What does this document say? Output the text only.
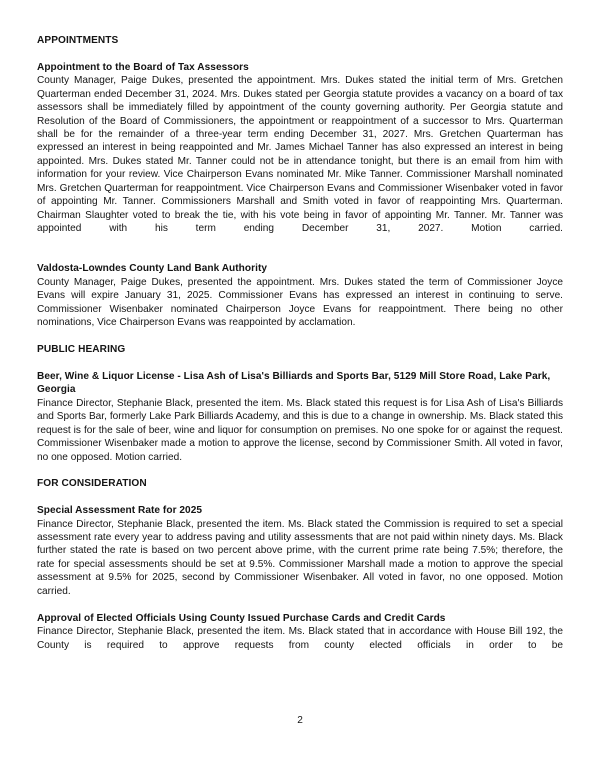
APPOINTMENTS
Appointment to the Board of Tax Assessors

County Manager, Paige Dukes, presented the appointment. Mrs. Dukes stated the initial term of Mrs. Gretchen Quarterman ended December 31, 2024. Mrs. Dukes stated per Georgia statute provides a vacancy on a board of tax assessors shall be immediately filled by appointment of the county governing authority. Per Georgia statute and Resolution of the Board of Commissioners, the appointment or reappointment of a successor to Mrs. Quarterman shall be for the remainder of a three-year term ending December 31, 2027. Mrs. Gretchen Quarterman has expressed an interest in being reappointed and Mr. James Michael Tanner has also expressed an interest in being appointed. Mrs. Dukes stated Mr. Tanner could not be in attendance tonight, but there is an email from him with information for your review. Vice Chairperson Evans nominated Mr. Mike Tanner. Commissioner Marshall nominated Mrs. Gretchen Quarterman for reappointment. Vice Chairperson Evans and Commissioner Wisenbaker voted in favor of appointing Mr. Tanner. Commissioners Marshall and Smith voted in favor of reappointing Mrs. Quarterman. Chairman Slaughter voted to break the tie, with his vote being in favor of appointing Mr. Tanner. Mr. Tanner was appointed with his term ending December 31, 2027. Motion carried.

Valdosta-Lowndes County Land Bank Authority

County Manager, Paige Dukes, presented the appointment. Mrs. Dukes stated the term of Commissioner Joyce Evans will expire January 31, 2025. Commissioner Evans has expressed an interest in continuing to serve. Commissioner Wisenbaker nominated Chairperson Joyce Evans for reappointment. There being no other nominations, Vice Chairperson Evans was reappointed by acclamation.

PUBLIC HEARING
Beer, Wine & Liquor License - Lisa Ash of Lisa's Billiards and Sports Bar, 5129 Mill Store Road, Lake Park, Georgia

Finance Director, Stephanie Black, presented the item. Ms. Black stated this request is for Lisa Ash of Lisa's Billiards and Sports Bar, formerly Lake Park Billiards Academy, and this is due to a change in ownership. Ms. Black stated this request is for the sale of beer, wine and liquor for consumption on premises. No one spoke for or against the request. Commissioner Wisenbaker made a motion to approve the license, second by Commissioner Smith. All voted in favor, no one opposed. Motion carried.

FOR CONSIDERATION
Special Assessment Rate for 2025

Finance Director, Stephanie Black, presented the item. Ms. Black stated the Commission is required to set a special assessment rate every year to address paving and utility assessments that are not paid within ninety days. Ms. Black further stated the rate is based on two percent above prime, with the current prime rate being 7.5%; therefore, the rate for special assessments should be set at 9.5%. Commissioner Marshall made a motion to approve the special assessment at 9.5% for 2025, second by Commissioner Wisenbaker. All voted in favor, no one opposed. Motion carried.

Approval of Elected Officials Using County Issued Purchase Cards and Credit Cards

Finance Director, Stephanie Black, presented the item. Ms. Black stated that in accordance with House Bill 192, the County is required to approve requests from county elected officials in order to be

2
